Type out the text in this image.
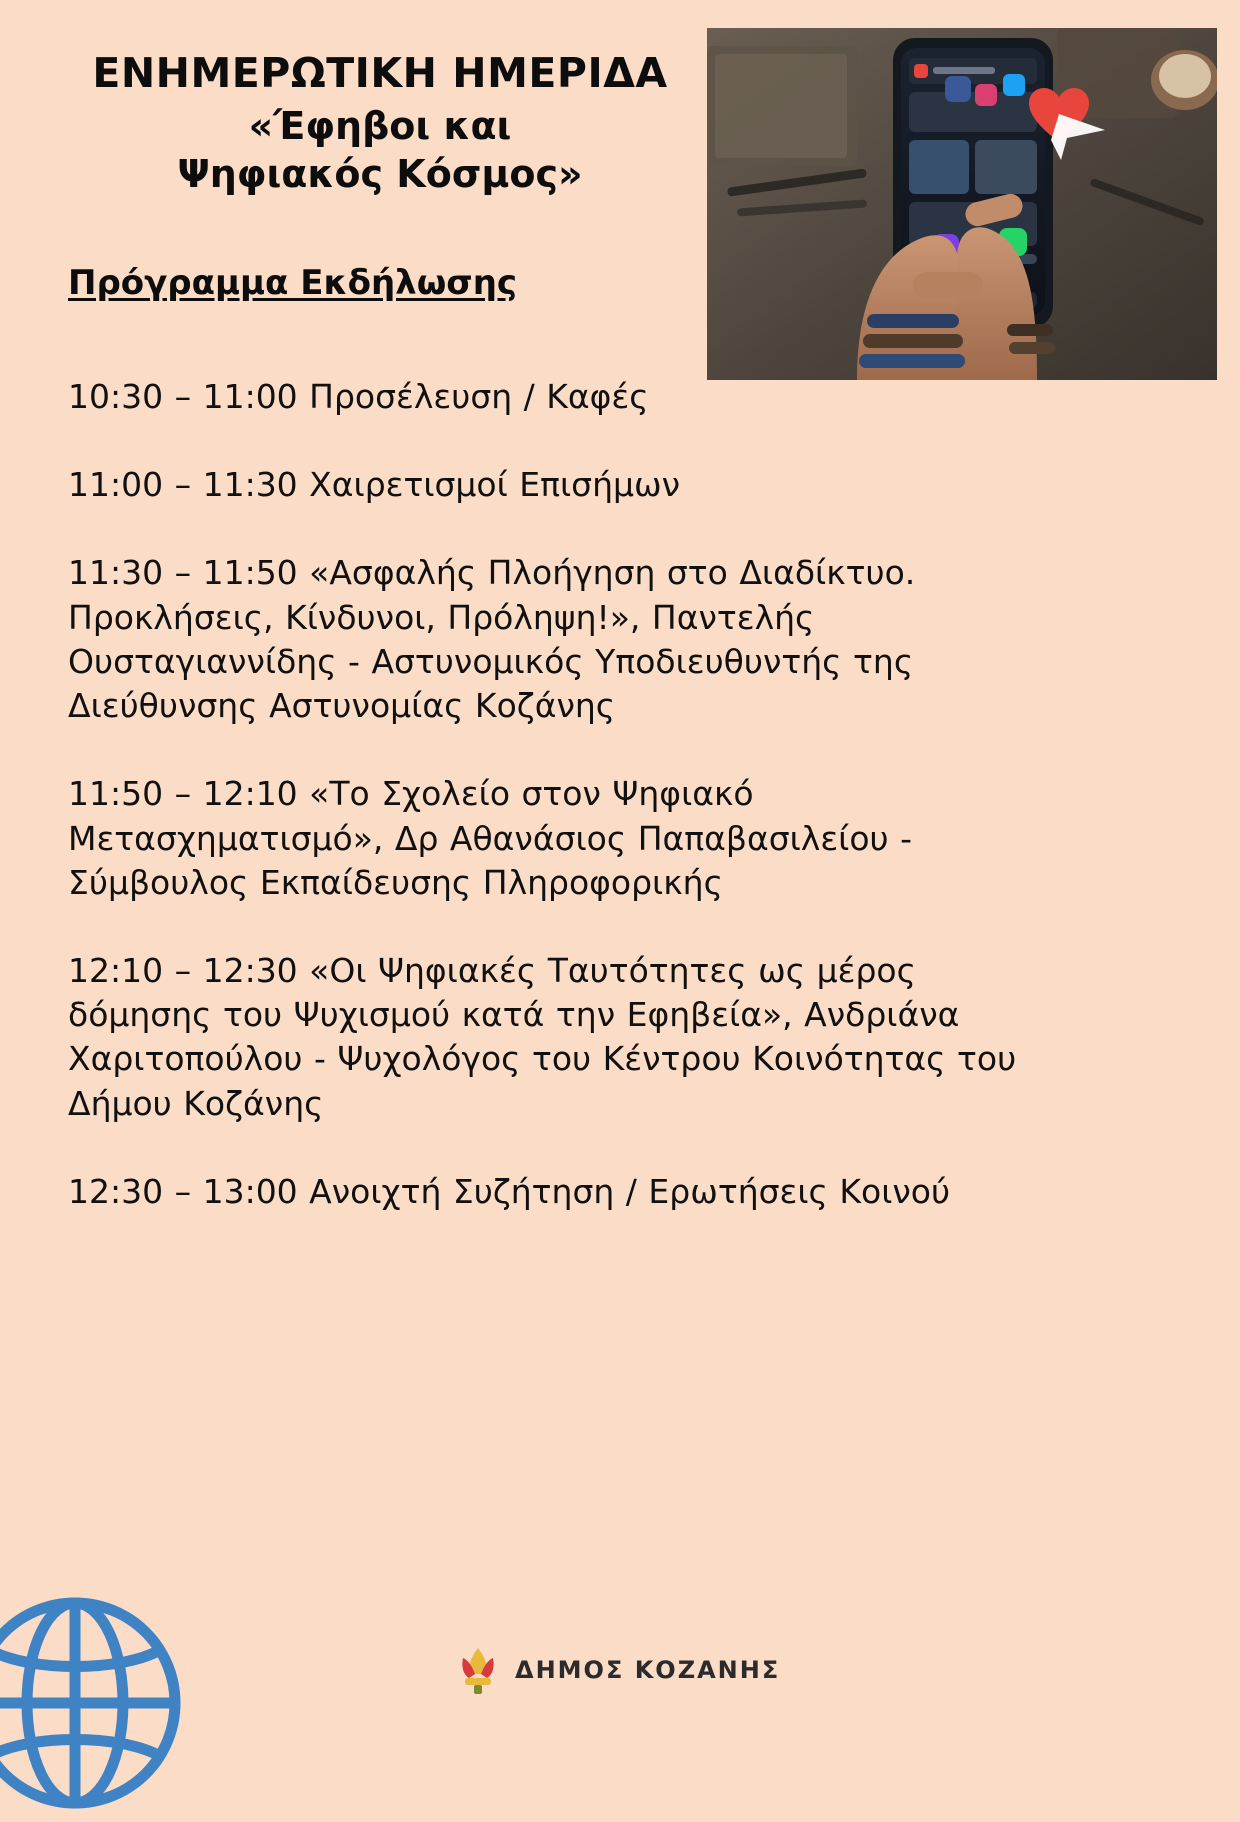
ΕΝΗΜΕΡΩΤΙΚΗ ΗΜΕΡΙΔΑ
«Έφηβοι και
Ψηφιακός Κόσμος»
Πρόγραμμα Εκδήλωσης
10:30 – 11:00 Προσέλευση / Καφές
11:00 – 11:30 Χαιρετισμοί Επισήμων
11:30 – 11:50 «Ασφαλής Πλοήγηση στο Διαδίκτυο. Προκλήσεις, Κίνδυνοι, Πρόληψη!», Παντελής Ουσταγιαννίδης - Αστυνομικός Υποδιευθυντής της Διεύθυνσης Αστυνομίας Κοζάνης
11:50 – 12:10 «Το Σχολείο στον Ψηφιακό Μετασχηματισμό», Δρ Αθανάσιος Παπαβασιλείου - Σύμβουλος Εκπαίδευσης Πληροφορικής
12:10 – 12:30 «Οι Ψηφιακές Ταυτότητες ως μέρος δόμησης του Ψυχισμού κατά την Εφηβεία», Ανδριάνα Χαριτοπούλου - Ψυχολόγος του Κέντρου Κοινότητας του Δήμου Κοζάνης
12:30 – 13:00 Ανοιχτή Συζήτηση / Ερωτήσεις Κοινού
ΔΗΜΟΣ ΚΟΖΑΝΗΣ
